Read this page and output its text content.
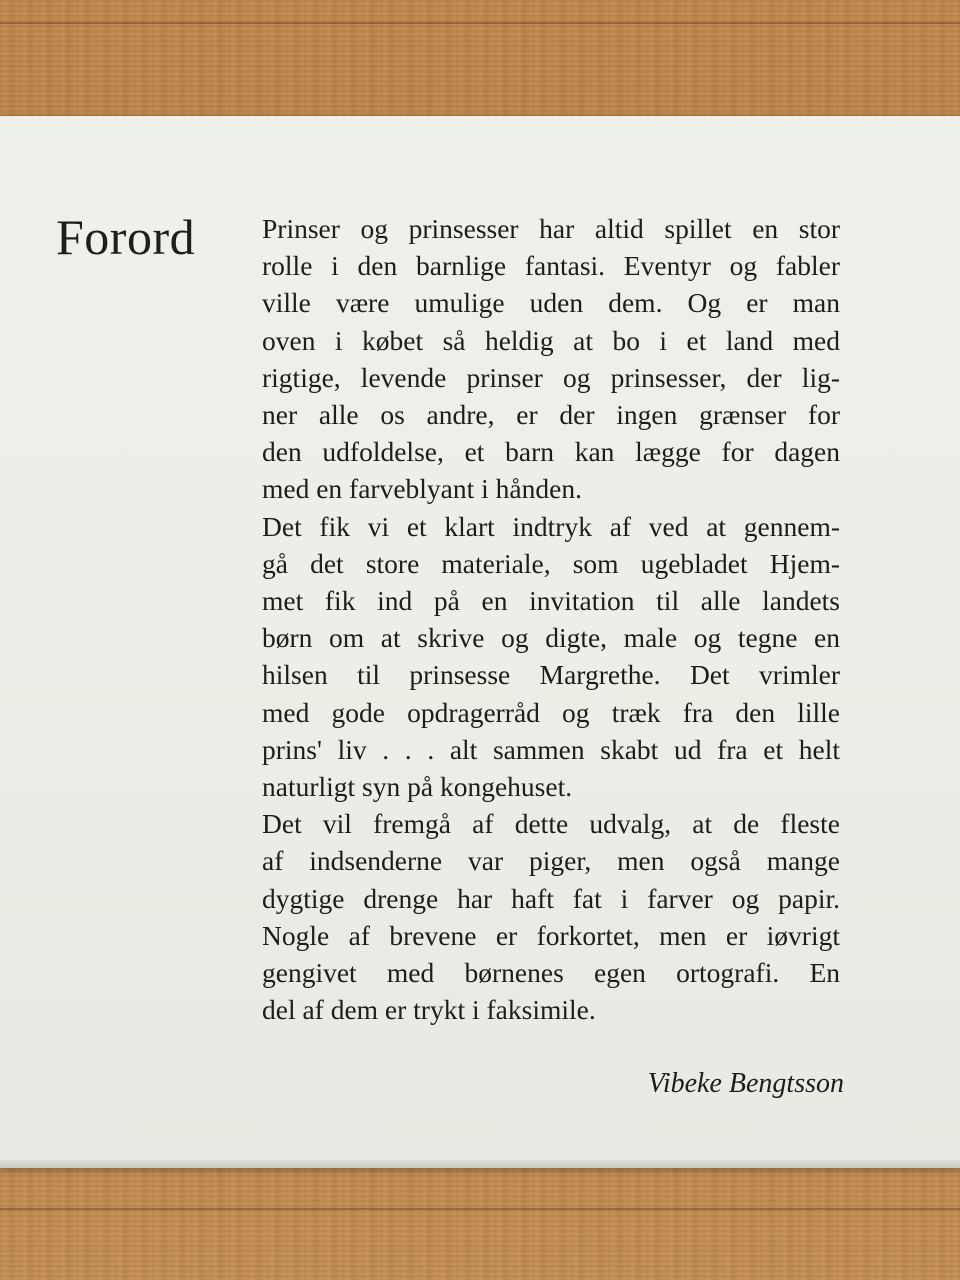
Forord Prinser og prinsesser har altid spillet en stor
rolle i den barnlige fantasi. Eventyr og fabler
ville være umulige uden dem. Og er man
oven i købet så heldig at bo i et land med
rigtige, levende prinser og prinsesser, der lig-
ner alle os andre, er der ingen grænser for
den udfoldelse, et barn kan lægge for dagen
med en farveblyant i hånden.
Det fik vi et klart indtryk af ved at gennem-
gå det store materiale, som ugebladet Hjem-
met fik ind på en invitation til alle landets
børn om at skrive og digte, male og tegne en
hilsen til prinsesse Margrethe. Det vrimler
med gode opdragerråd og træk fra den lille
prins' liv . . . alt sammen skabt ud fra et helt
naturligt syn på kongehuset.
Det vil fremgå af dette udvalg, at de fleste
af indsenderne var piger, men også mange
dygtige drenge har haft fat i farver og papir.
Nogle af brevene er forkortet, men er iøvrigt
gengivet med børnenes egen ortografi. En
del af dem er trykt i faksimile.

Vibeke Bengtsson
